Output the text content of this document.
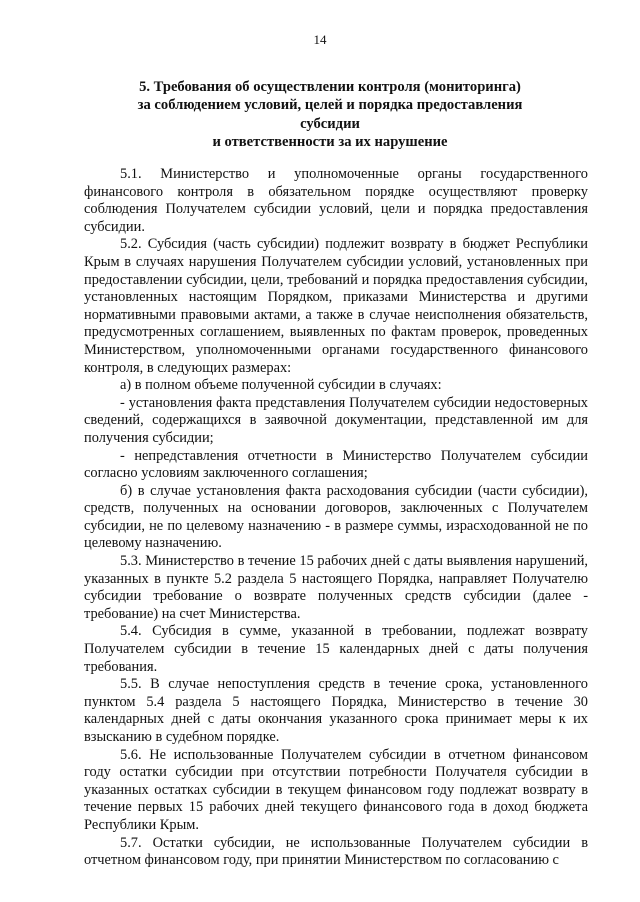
14
5. Требования об осуществлении контроля (мониторинга)
за соблюдением условий, целей и порядка предоставления
субсидии
и ответственности за их нарушение

5.1. Министерство и уполномоченные органы государственного финансового контроля в обязательном порядке осуществляют проверку соблюдения Получателем субсидии условий, цели и порядка предоставления субсидии.

5.2. Субсидия (часть субсидии) подлежит возврату в бюджет Республики Крым в случаях нарушения Получателем субсидии условий, установленных при предоставлении субсидии, цели, требований и порядка предоставления субсидии, установленных настоящим Порядком, приказами Министерства и другими нормативными правовыми актами, а также в случае неисполнения обязательств, предусмотренных соглашением, выявленных по фактам проверок, проведенных Министерством, уполномоченными органами государственного финансового контроля, в следующих размерах:

а) в полном объеме полученной субсидии в случаях:

- установления факта представления Получателем субсидии недостоверных сведений, содержащихся в заявочной документации, представленной им для получения субсидии;

- непредставления отчетности в Министерство Получателем субсидии согласно условиям заключенного соглашения;

б) в случае установления факта расходования субсидии (части субсидии), средств, полученных на основании договоров, заключенных с Получателем субсидии, не по целевому назначению - в размере суммы, израсходованной не по целевому назначению.

5.3. Министерство в течение 15 рабочих дней с даты выявления нарушений, указанных в пункте 5.2 раздела 5 настоящего Порядка, направляет Получателю субсидии требование о возврате полученных средств субсидии (далее - требование) на счет Министерства.

5.4. Субсидия в сумме, указанной в требовании, подлежат возврату Получателем субсидии в течение 15 календарных дней с даты получения требования.

5.5. В случае непоступления средств в течение срока, установленного пунктом 5.4 раздела 5 настоящего Порядка, Министерство в течение 30 календарных дней с даты окончания указанного срока принимает меры к их взысканию в судебном порядке.

5.6. Не использованные Получателем субсидии в отчетном финансовом году остатки субсидии при отсутствии потребности Получателя субсидии в указанных остатках субсидии в текущем финансовом году подлежат возврату в течение первых 15 рабочих дней текущего финансового года в доход бюджета Республики Крым.

5.7. Остатки субсидии, не использованные Получателем субсидии в отчетном финансовом году, при принятии Министерством по согласованию с
